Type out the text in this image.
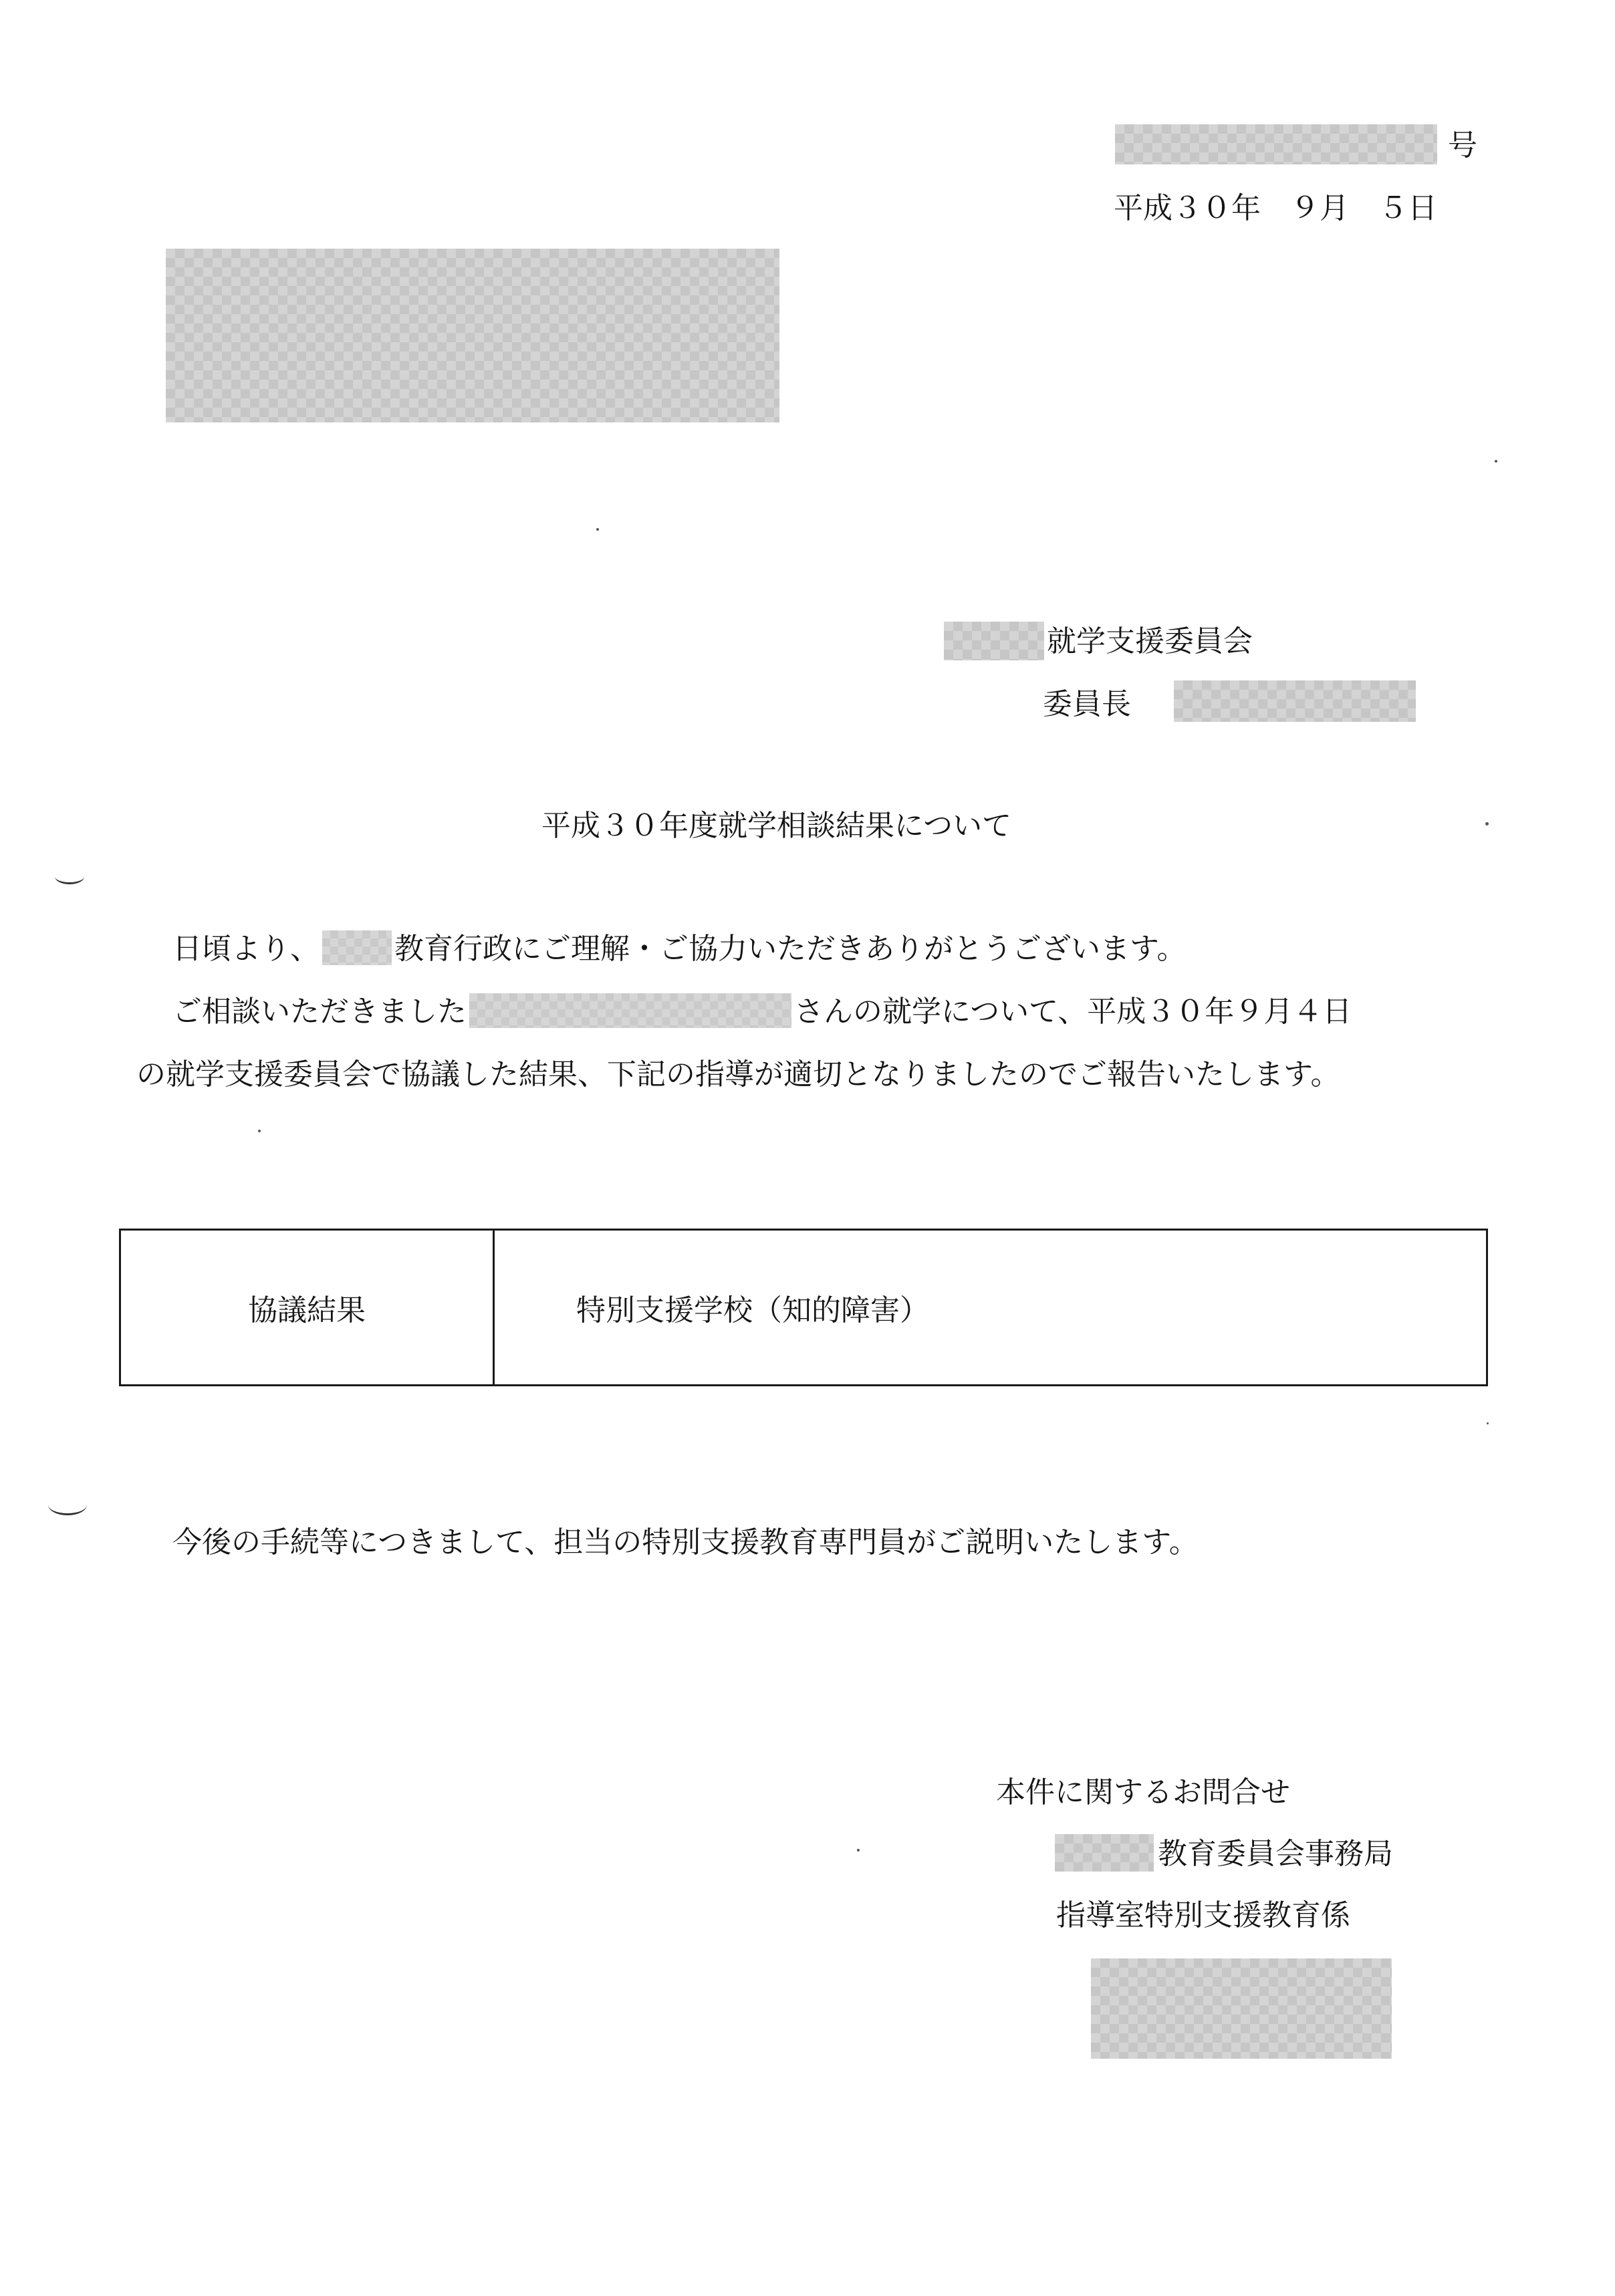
号
平成３０年　９月　５日
就学支援委員会
委員長
平成３０年度就学相談結果について
日頃より、	教育行政にご理解・ご協力いただきありがとうございます。
ご相談いただきました	さんの就学について、平成３０年９月４日
の就学支援委員会で協議した結果、下記の指導が適切となりましたのでご報告いたします。
協議結果	特別支援学校（知的障害）
今後の手続等につきまして、担当の特別支援教育専門員がご説明いたします。
本件に関するお問合せ
教育委員会事務局
指導室特別支援教育係
